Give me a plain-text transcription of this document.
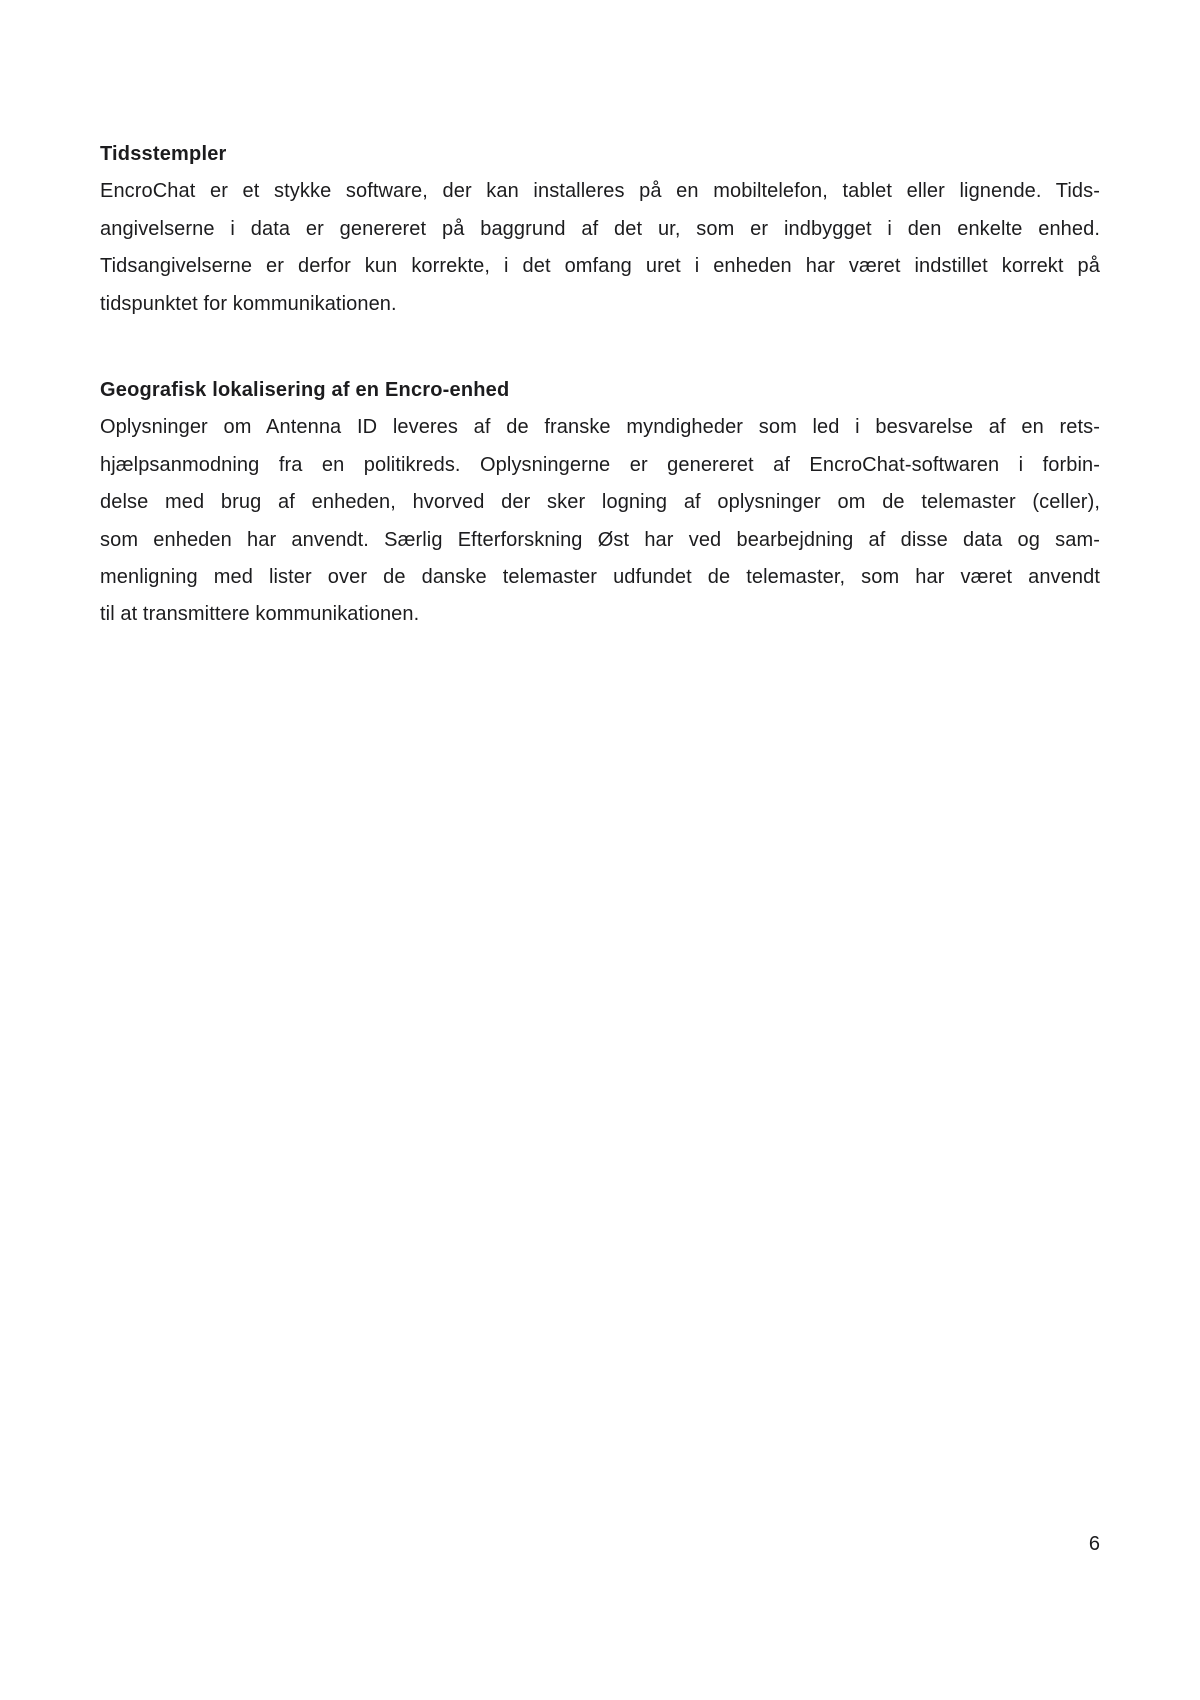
Tidsstempler
EncroChat er et stykke software, der kan installeres på en mobiltelefon, tablet eller lignende. Tids-
angivelserne i data er genereret på baggrund af det ur, som er indbygget i den enkelte enhed.
Tidsangivelserne er derfor kun korrekte, i det omfang uret i enheden har været indstillet korrekt på
tidspunktet for kommunikationen.
Geografisk lokalisering af en Encro-enhed
Oplysninger om Antenna ID leveres af de franske myndigheder som led i besvarelse af en rets-
hjælpsanmodning fra en politikreds. Oplysningerne er genereret af EncroChat-softwaren i forbin-
delse med brug af enheden, hvorved der sker logning af oplysninger om de telemaster (celler),
som enheden har anvendt. Særlig Efterforskning Øst har ved bearbejdning af disse data og sam-
menligning med lister over de danske telemaster udfundet de telemaster, som har været anvendt
til at transmittere kommunikationen.
6
